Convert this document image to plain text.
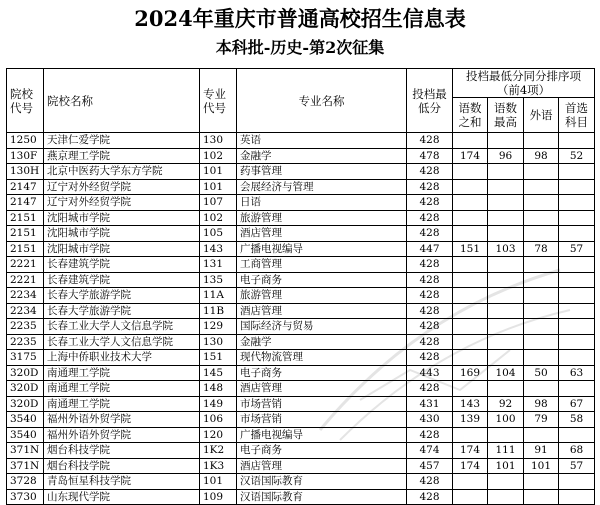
2024年重庆市普通高校招生信息表
本科批-历史-第2次征集
院校代号	院校名称	专业代号	专业名称	投档最低分	投档最低分同分排序项（前4项）			
					语数之和	语数最高	外语	首选科目
1250	天津仁爱学院	130	英语	428				
130F	燕京理工学院	102	金融学	478	174	96	98	52
130H	北京中医药大学东方学院	101	药事管理	428				
2147	辽宁对外经贸学院	101	会展经济与管理	428				
2147	辽宁对外经贸学院	107	日语	428				
2151	沈阳城市学院	102	旅游管理	428				
2151	沈阳城市学院	105	酒店管理	428				
2151	沈阳城市学院	143	广播电视编导	447	151	103	78	57
2221	长春建筑学院	131	工商管理	428				
2221	长春建筑学院	135	电子商务	428				
2234	长春大学旅游学院	11A	旅游管理	428				
2234	长春大学旅游学院	11B	酒店管理	428				
2235	长春工业大学人文信息学院	129	国际经济与贸易	428				
2235	长春工业大学人文信息学院	130	金融学	428				
3175	上海中侨职业技术大学	151	现代物流管理	428				
320D	南通理工学院	145	电子商务	443	169	104	50	63
320D	南通理工学院	148	酒店管理	428				
320D	南通理工学院	149	市场营销	431	143	92	98	67
3540	福州外语外贸学院	106	市场营销	430	139	100	79	58
3540	福州外语外贸学院	120	广播电视编导	428				
371N	烟台科技学院	1K2	电子商务	474	174	111	91	68
371N	烟台科技学院	1K3	酒店管理	457	174	101	101	57
3728	青岛恒星科技学院	101	汉语国际教育	428				
3730	山东现代学院	109	汉语国际教育	428				
